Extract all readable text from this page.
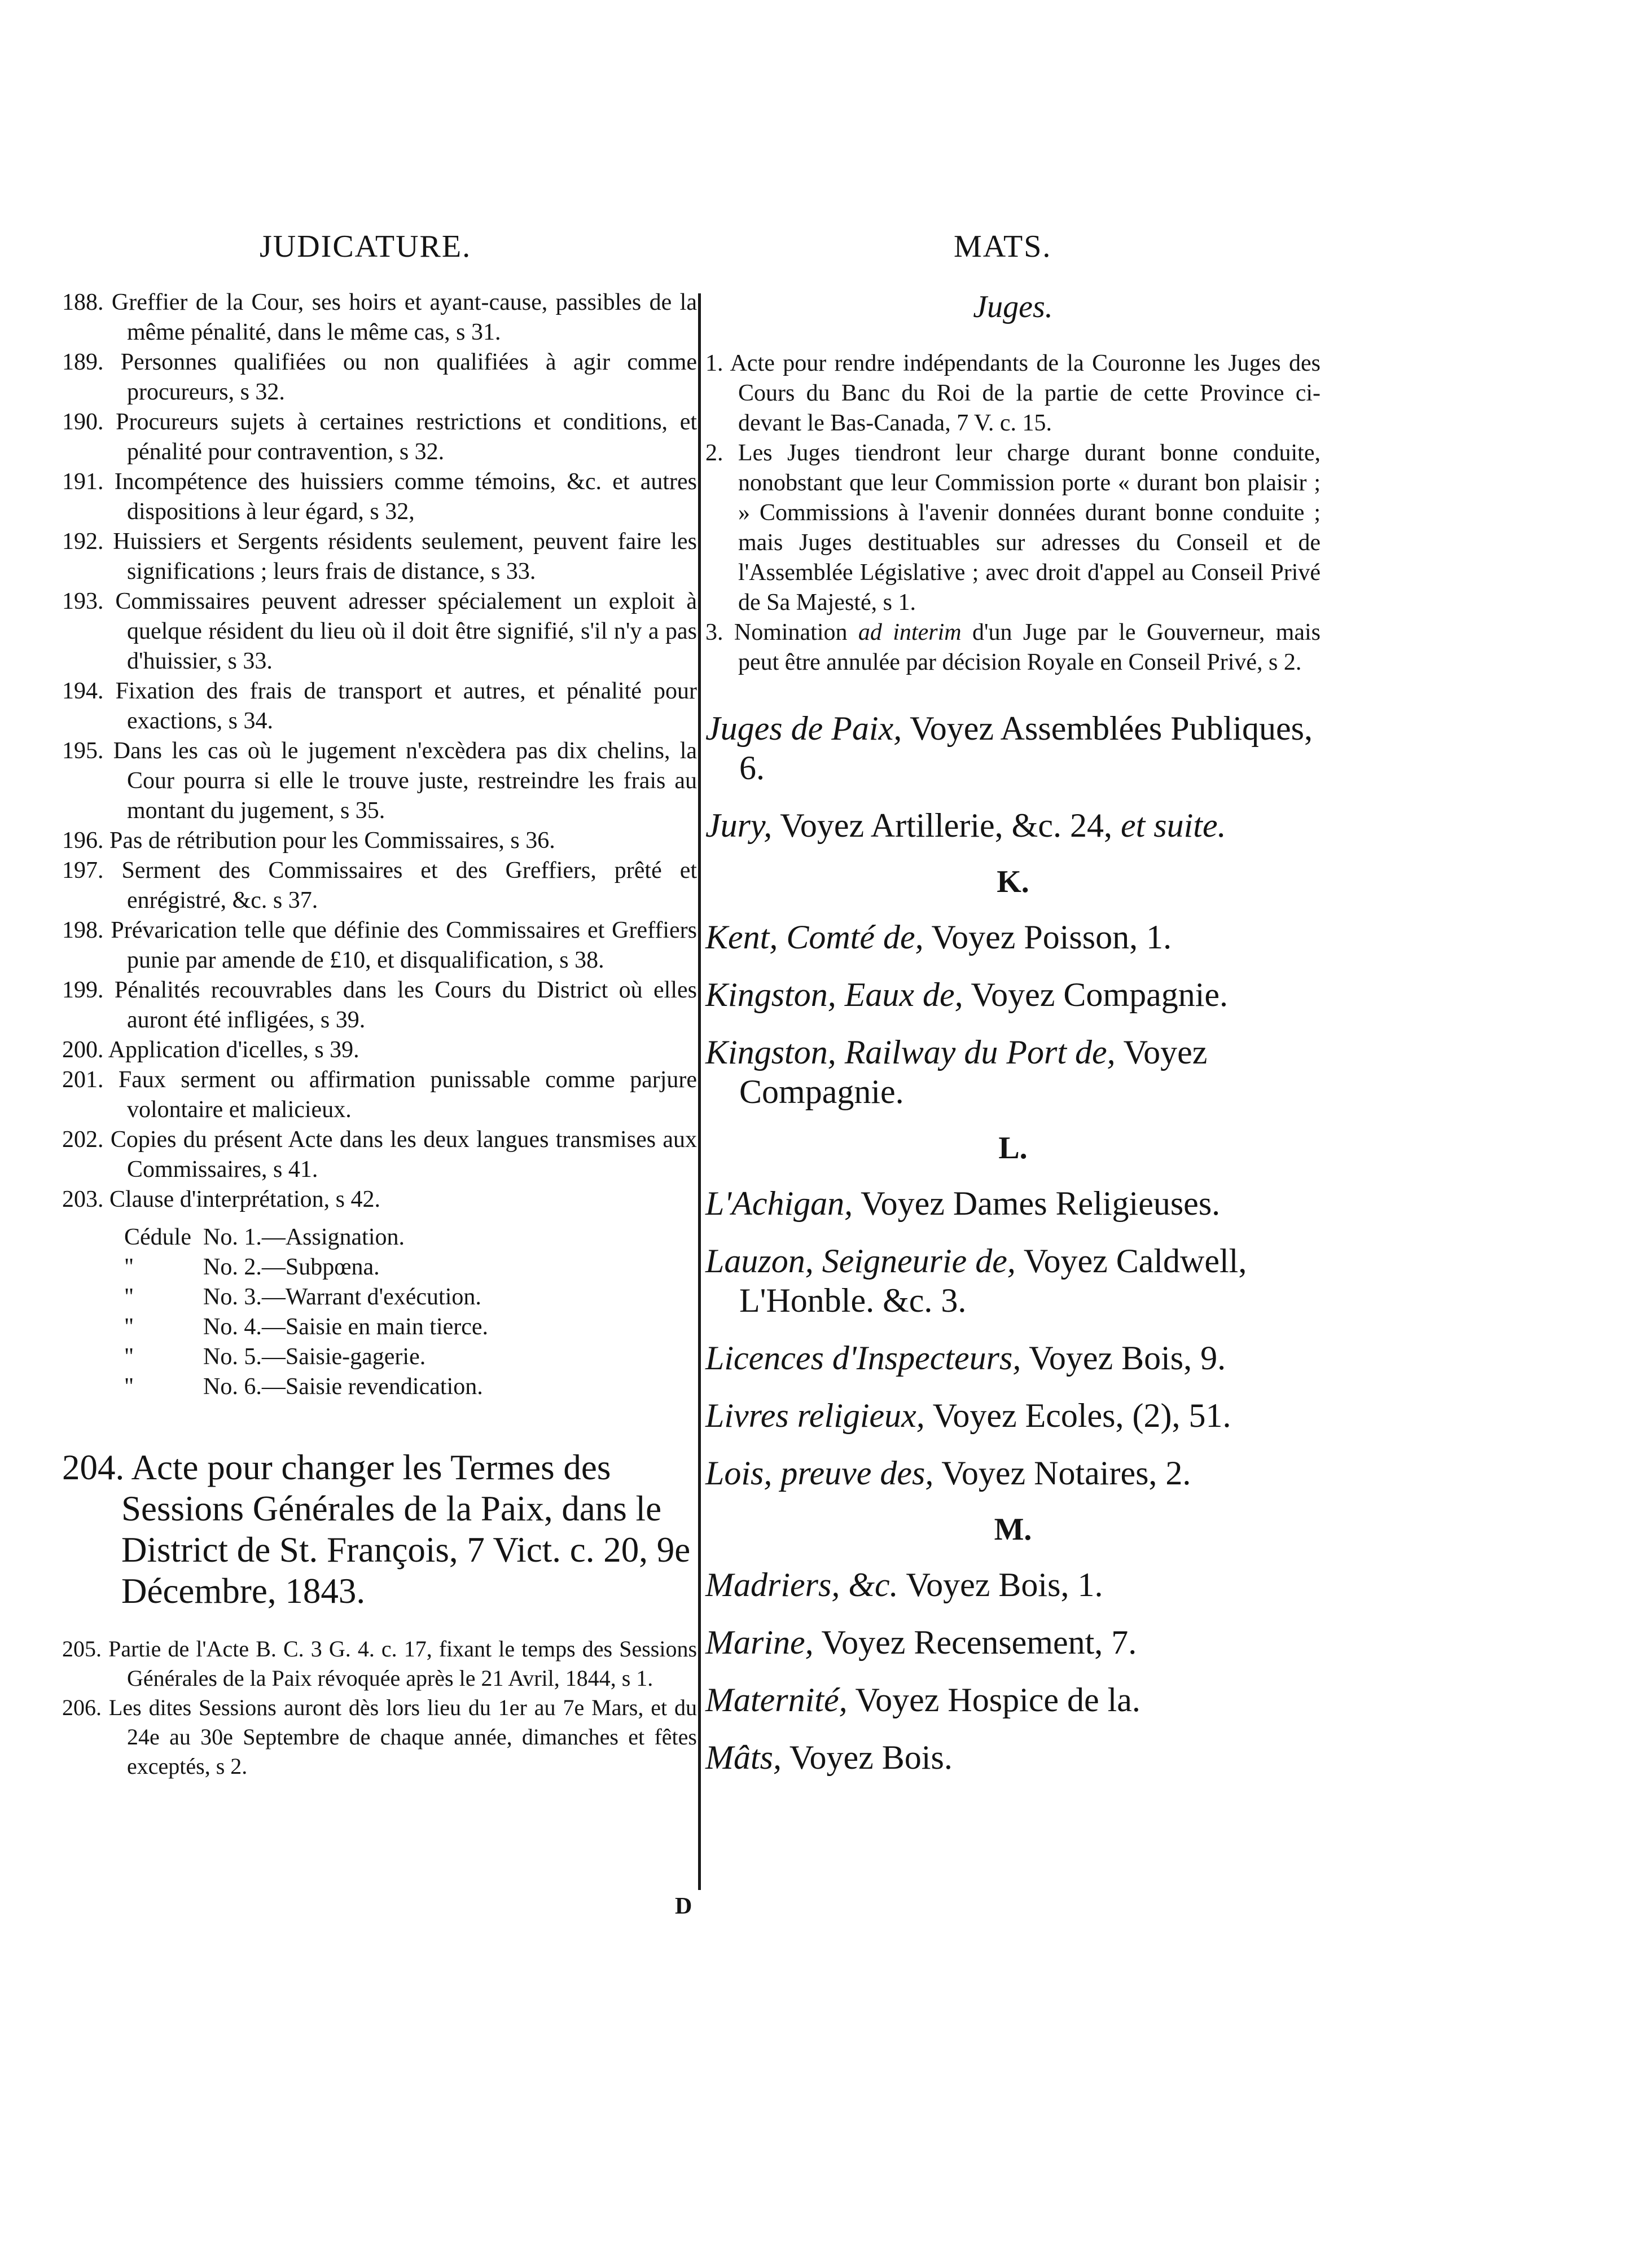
JUDICATURE.	MATS.

188. Greffier de la Cour, ses hoirs et ayant-cause, passibles de la même pénalité, dans le même cas, s 31.

189. Personnes qualifiées ou non qualifiées à agir comme procureurs, s 32.

190. Procureurs sujets à certaines restrictions et conditions, et pénalité pour contravention, s 32.

191. Incompétence des huissiers comme témoins, &c. et autres dispositions à leur égard, s 32,

192. Huissiers et Sergents résidents seulement, peuvent faire les significations ; leurs frais de distance, s 33.

193. Commissaires peuvent adresser spécialement un exploit à quelque résident du lieu où il doit être signifié, s'il n'y a pas d'huissier, s 33.

194. Fixation des frais de transport et autres, et pénalité pour exactions, s 34.

195. Dans les cas où le jugement n'excèdera pas dix chelins, la Cour pourra si elle le trouve juste, restreindre les frais au montant du jugement, s 35.

196. Pas de rétribution pour les Commissaires, s 36.

197. Serment des Commissaires et des Greffiers, prêté et enrégistré, &c. s 37.

198. Prévarication telle que définie des Commissaires et Greffiers punie par amende de £10, et disqualification, s 38.

199. Pénalités recouvrables dans les Cours du District où elles auront été infligées, s 39.

200. Application d'icelles, s 39.

201. Faux serment ou affirmation punissable comme parjure volontaire et malicieux.

202. Copies du présent Acte dans les deux langues transmises aux Commissaires, s 41.

203. Clause d'interprétation, s 42.

Cédule No. 1.—Assignation.
"	No. 2.—Subpœna.
"	No. 3.—Warrant d'exécution.
"	No. 4.—Saisie en main tierce.
"	No. 5.—Saisie-gagerie.
"	No. 6.—Saisie revendication.

204. Acte pour changer les Termes des Sessions Générales de la Paix, dans le District de St. François, 7 Vict. c. 20, 9e Décembre, 1843.

205. Partie de l'Acte B. C. 3 G. 4. c. 17, fixant le temps des Sessions Générales de la Paix révoquée après le 21 Avril, 1844, s 1.

206. Les dites Sessions auront dès lors lieu du 1er au 7e Mars, et du 24e au 30e Septembre de chaque année, dimanches et fêtes exceptés, s 2.

Juges.

1. Acte pour rendre indépendants de la Couronne les Juges des Cours du Banc du Roi de la partie de cette Province ci-devant le Bas-Canada, 7 V. c. 15.

2. Les Juges tiendront leur charge durant bonne conduite, nonobstant que leur Commission porte « durant bon plaisir ; » Commissions à l'avenir données durant bonne conduite ; mais Juges destituables sur adresses du Conseil et de l'Assemblée Législative ; avec droit d'appel au Conseil Privé de Sa Majesté, s 1.

3. Nomination ad interim d'un Juge par le Gouverneur, mais peut être annulée par décision Royale en Conseil Privé, s 2.

Juges de Paix, Voyez Assemblées Publiques, 6.

Jury, Voyez Artillerie, &c. 24, et suite.

K.

Kent, Comté de, Voyez Poisson, 1.

Kingston, Eaux de, Voyez Compagnie.

Kingston, Railway du Port de, Voyez Compagnie.

L.

L'Achigan, Voyez Dames Religieuses.

Lauzon, Seigneurie de, Voyez Caldwell, L'Honble. &c. 3.

Licences d'Inspecteurs, Voyez Bois, 9.

Livres religieux, Voyez Ecoles, (2), 51.

Lois, preuve des, Voyez Notaires, 2.

M.

Madriers, &c. Voyez Bois, 1.

Marine, Voyez Recensement, 7.

Maternité, Voyez Hospice de la.

Mâts, Voyez Bois.

D
